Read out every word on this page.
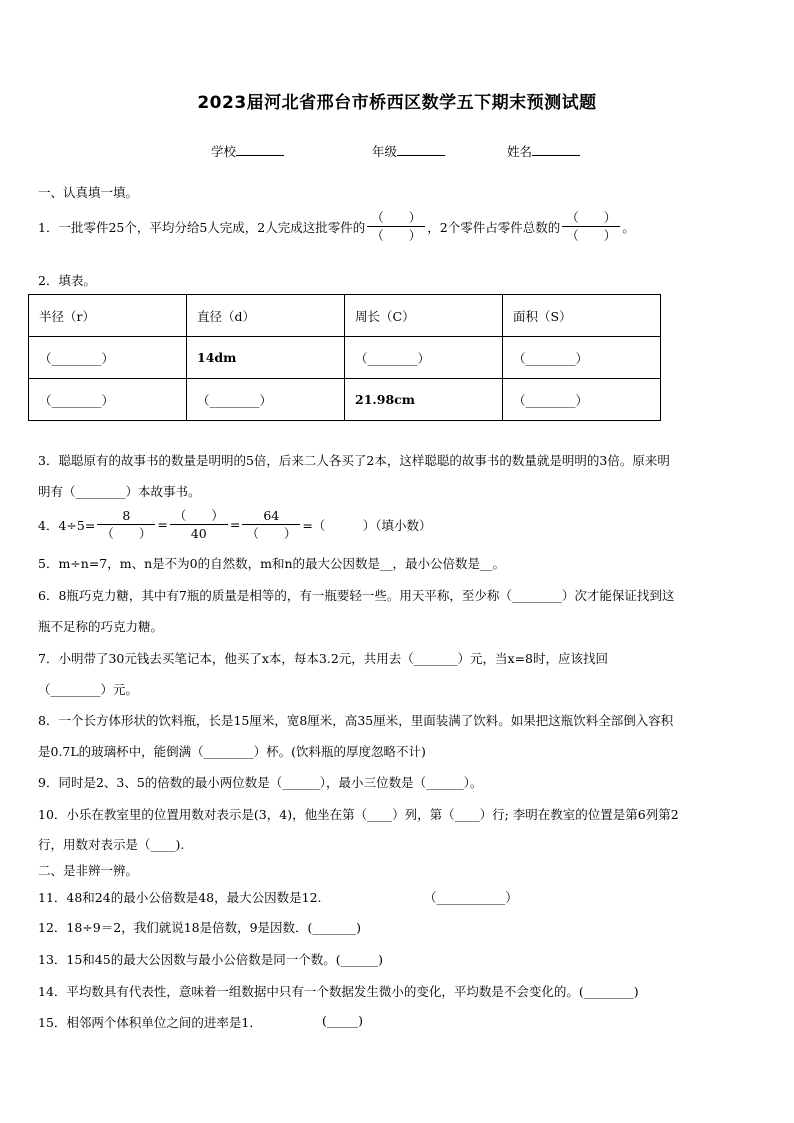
2023届河北省邢台市桥西区数学五下期末预测试题
学校	年级	姓名
一、认真填一填。
1．一批零件25个，平均分给5人完成，2人完成这批零件的 $\frac{( )}{( )}$ ，2个零件占零件总数的 $\frac{( )}{( )}$ 。
2．填表。
半径（r）	直径（d）	周长（C）	面积（S）
（________）	14dm	（________）	（________）
（________）	（________）	21.98cm	（________）
3．聪聪原有的故事书的数量是明明的5倍，后来二人各买了2本，这样聪聪的故事书的数量就是明明的3倍。原来明
明有（________）本故事书。
4．$4\div 5= \frac{8}{( )} = \frac{( )}{40} = \frac{64}{( )}$ =（　　　）（填小数）
5．m÷n=7，m、n是不为0的自然数，m和n的最大公因数是__，最小公倍数是__。
6．8瓶巧克力糖，其中有7瓶的质量是相等的，有一瓶要轻一些。用天平称，至少称（________）次才能保证找到这
瓶不足称的巧克力糖。
7．小明带了30元钱去买笔记本，他买了x本，每本3.2元，共用去（_______）元，当x=8时，应该找回
（________）元。
8．一个长方体形状的饮料瓶，长是15厘米，宽8厘米，高35厘米，里面装满了饮料。如果把这瓶饮料全部倒入容积
是0.7L的玻璃杯中，能倒满（________）杯。(饮料瓶的厚度忽略不计)
9．同时是2、3、5的倍数的最小两位数是（______），最小三位数是（______）。
10．小乐在教室里的位置用数对表示是(3，4)，他坐在第（____）列，第（____）行; 李明在教室的位置是第6列第2
行，用数对表示是（____).
二、是非辨一辨。
11．48和24的最小公倍数是48，最大公因数是12.	（___________）
12．18÷9＝2，我们就说18是倍数，9是因数．(_______)
13．15和45的最大公因数与最小公倍数是同一个数。(______)
14．平均数具有代表性，意味着一组数据中只有一个数据发生微小的变化，平均数是不会变化的。(________)
15．相邻两个体积单位之间的进率是1．	(_____)
